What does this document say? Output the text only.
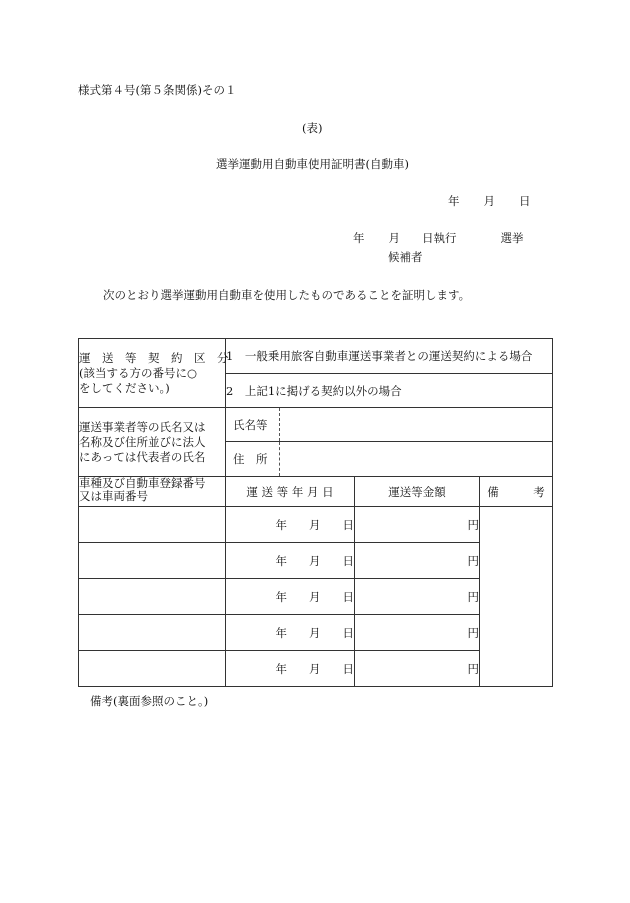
様式第４号(第５条関係)その１
(表)
選挙運動用自動車使用証明書(自動車)
年 月 日
年 月 日執行	選挙
候補者
次のとおり選挙運動用自動車を使用したものであることを証明します。
運　送　等　契　約　区　分
(該当する方の番号に○
をしてください。)	1　一般乗用旅客自動車運送事業者との運送契約による場合		
	2　上記1に掲げる契約以外の場合		

運送事業者等の氏名又は
名称及び住所並びに法人
にあっては代表者の氏名	氏名等		

住　所		

車種及び自動車登録番号
又は車両番号	運 送 等 年 月 日	運送等金額	備　　　考
	年 月 日	円	
	年 月 日	円	
	年 月 日	円	
	年 月 日	円	
	年 月 日	円	
備考(裏面参照のこと。)
